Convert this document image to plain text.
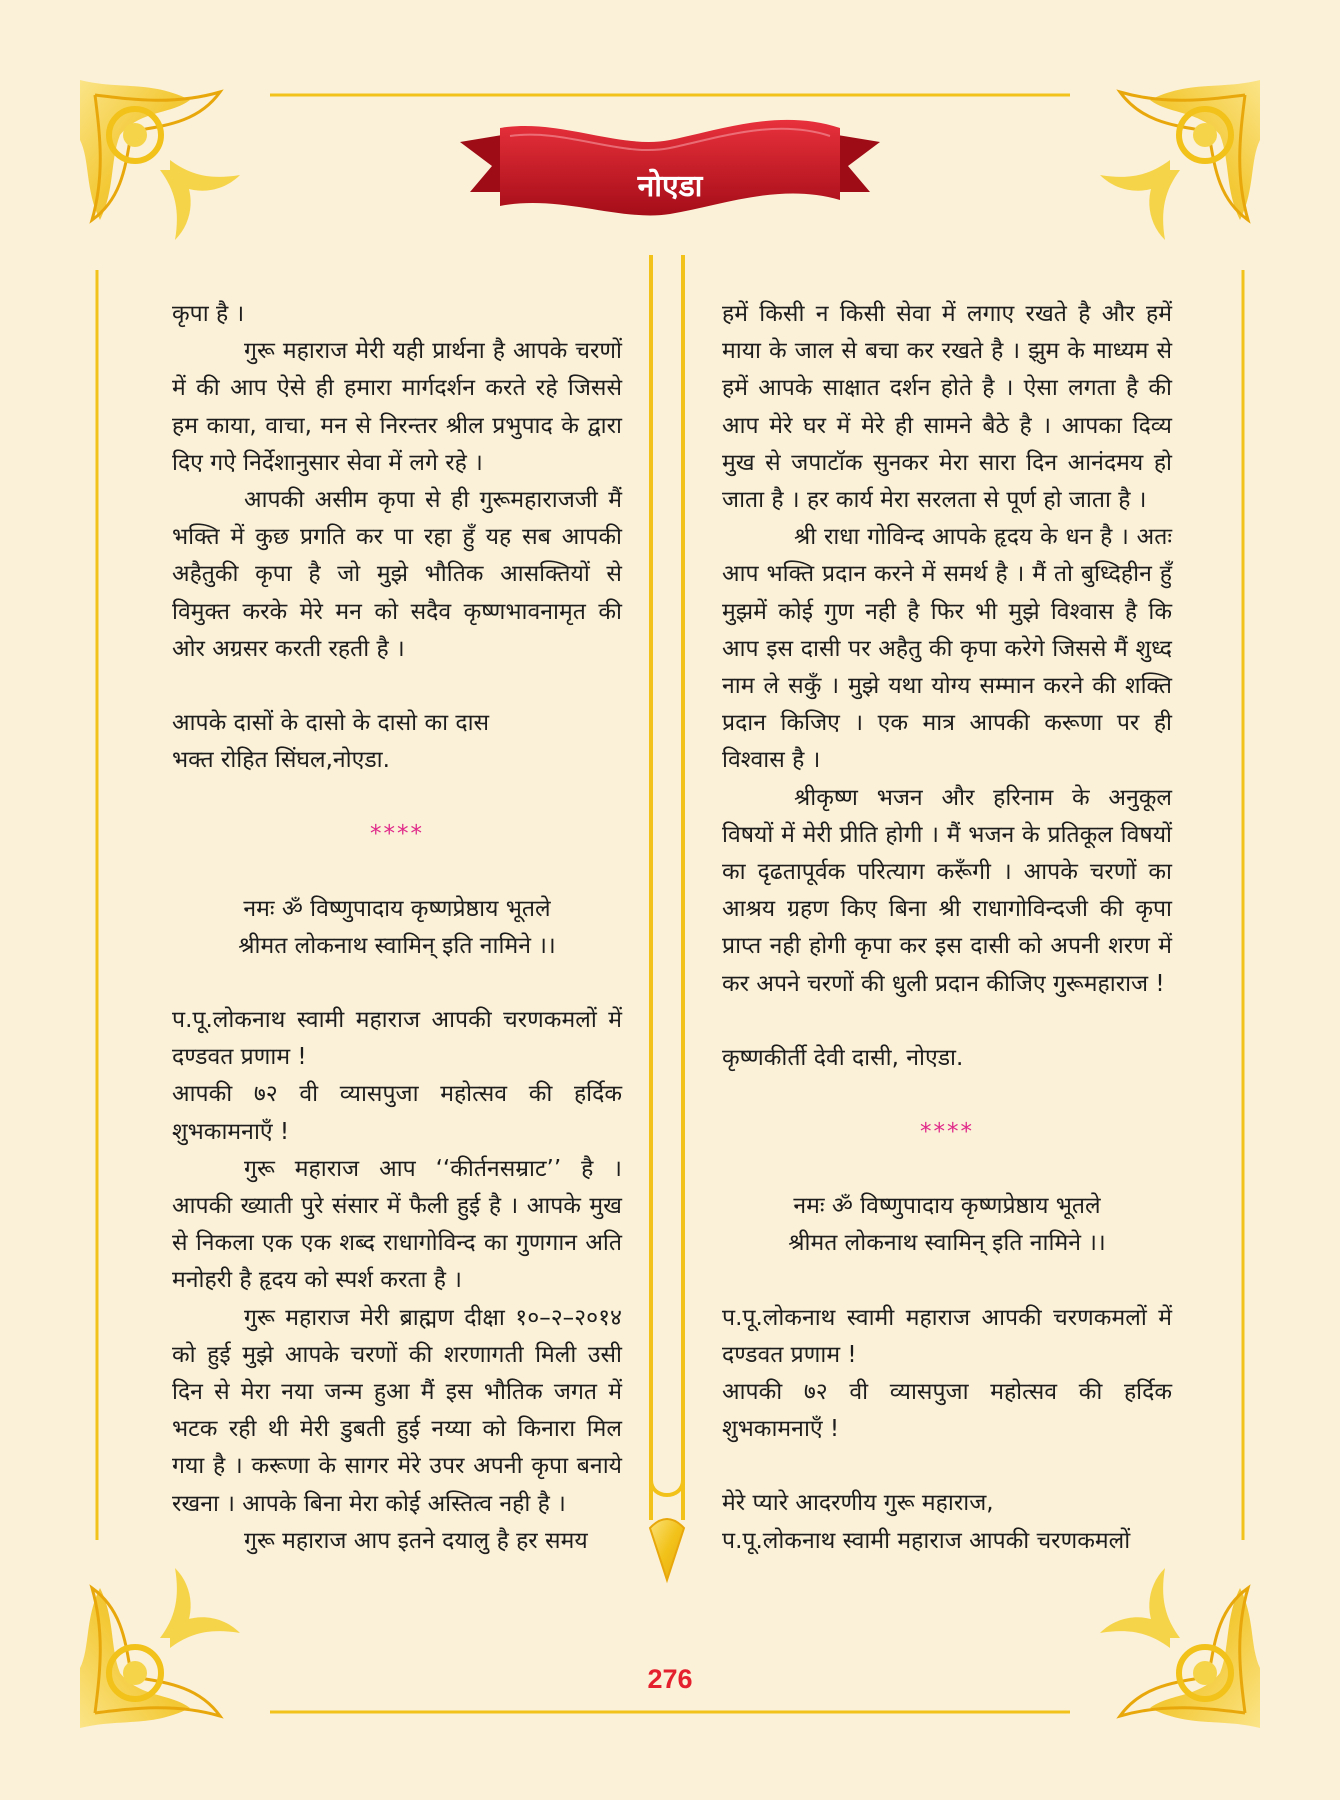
नोएडा

कृपा है ।

गुरू महाराज मेरी यही प्रार्थना है आपके चरणों में की आप ऐसे ही हमारा मार्गदर्शन करते रहे जिससे हम काया, वाचा, मन से निरन्तर श्रील प्रभुपाद के द्वारा दिए गऐ निर्देशानुसार सेवा में लगे रहे ।

आपकी असीम कृपा से ही गुरूमहाराजजी मैं भक्ति में कुछ प्रगति कर पा रहा हुँ यह सब आपकी अहैतुकी कृपा है जो मुझे भौतिक आसक्तियों से विमुक्त करके मेरे मन को सदैव कृष्णभावनामृत की ओर अग्रसर करती रहती है ।

आपके दासों के दासो के दासो का दास

भक्त रोहित सिंघल,नोएडा.

****

नमः ॐ विष्णुपादाय कृष्णप्रेष्ठाय भूतले

श्रीमत लोकनाथ स्वामिन् इति नामिने ।।

प.पू.लोकनाथ स्वामी महाराज आपकी चरणकमलों में दण्डवत प्रणाम !

आपकी ७२ वी व्यासपुजा महोत्सव की हर्दिक शुभकामनाएँ !

गुरू महाराज आप ‘‘कीर्तनसम्राट’’ है । आपकी ख्याती पुरे संसार में फैली हुई है । आपके मुख से निकला एक एक शब्द राधागोविन्द का गुणगान अति मनोहरी है हृदय को स्पर्श करता है ।

गुरू महाराज मेरी ब्राह्मण दीक्षा १०–२–२०१४ को हुई मुझे आपके चरणों की शरणागती मिली उसी दिन से मेरा नया जन्म हुआ मैं इस भौतिक जगत में भटक रही थी मेरी डुबती हुई नय्या को किनारा मिल गया है । करूणा के सागर मेरे उपर अपनी कृपा बनाये रखना । आपके बिना मेरा कोई अस्तित्व नही है ।

गुरू महाराज आप इतने दयालु है हर समय

हमें किसी न किसी सेवा में लगाए रखते है और हमें माया के जाल से बचा कर रखते है । झुम के माध्यम से हमें आपके साक्षात दर्शन होते है । ऐसा लगता है की आप मेरे घर में मेरे ही सामने बैठे है । आपका दिव्य मुख से जपाटॉक सुनकर मेरा सारा दिन आनंदमय हो जाता है । हर कार्य मेरा सरलता से पूर्ण हो जाता है ।

श्री राधा गोविन्द आपके हृदय के धन है । अतः आप भक्ति प्रदान करने में समर्थ है । मैं तो बुध्दिहीन हुँ मुझमें कोई गुण नही है फिर भी मुझे विश्वास है कि आप इस दासी पर अहैतु की कृपा करेगे जिससे मैं शुध्द नाम ले सकुँ । मुझे यथा योग्य सम्मान करने की शक्ति प्रदान किजिए । एक मात्र आपकी करूणा पर ही विश्वास है ।

श्रीकृष्ण भजन और हरिनाम के अनुकूल विषयों में मेरी प्रीति होगी । मैं भजन के प्रतिकूल विषयों का दृढतापूर्वक परित्याग करूँगी । आपके चरणों का आश्रय ग्रहण किए बिना श्री राधागोविन्दजी की कृपा प्राप्त नही होगी कृपा कर इस दासी को अपनी शरण में कर अपने चरणों की धुली प्रदान कीजिए गुरूमहाराज !

कृष्णकीर्ती देवी दासी, नोएडा.

****

नमः ॐ विष्णुपादाय कृष्णप्रेष्ठाय भूतले

श्रीमत लोकनाथ स्वामिन् इति नामिने ।।

प.पू.लोकनाथ स्वामी महाराज आपकी चरणकमलों में दण्डवत प्रणाम !

आपकी ७२ वी व्यासपुजा महोत्सव की हर्दिक शुभकामनाएँ !

मेरे प्यारे आदरणीय गुरू महाराज,

प.पू.लोकनाथ स्वामी महाराज आपकी चरणकमलों

276
